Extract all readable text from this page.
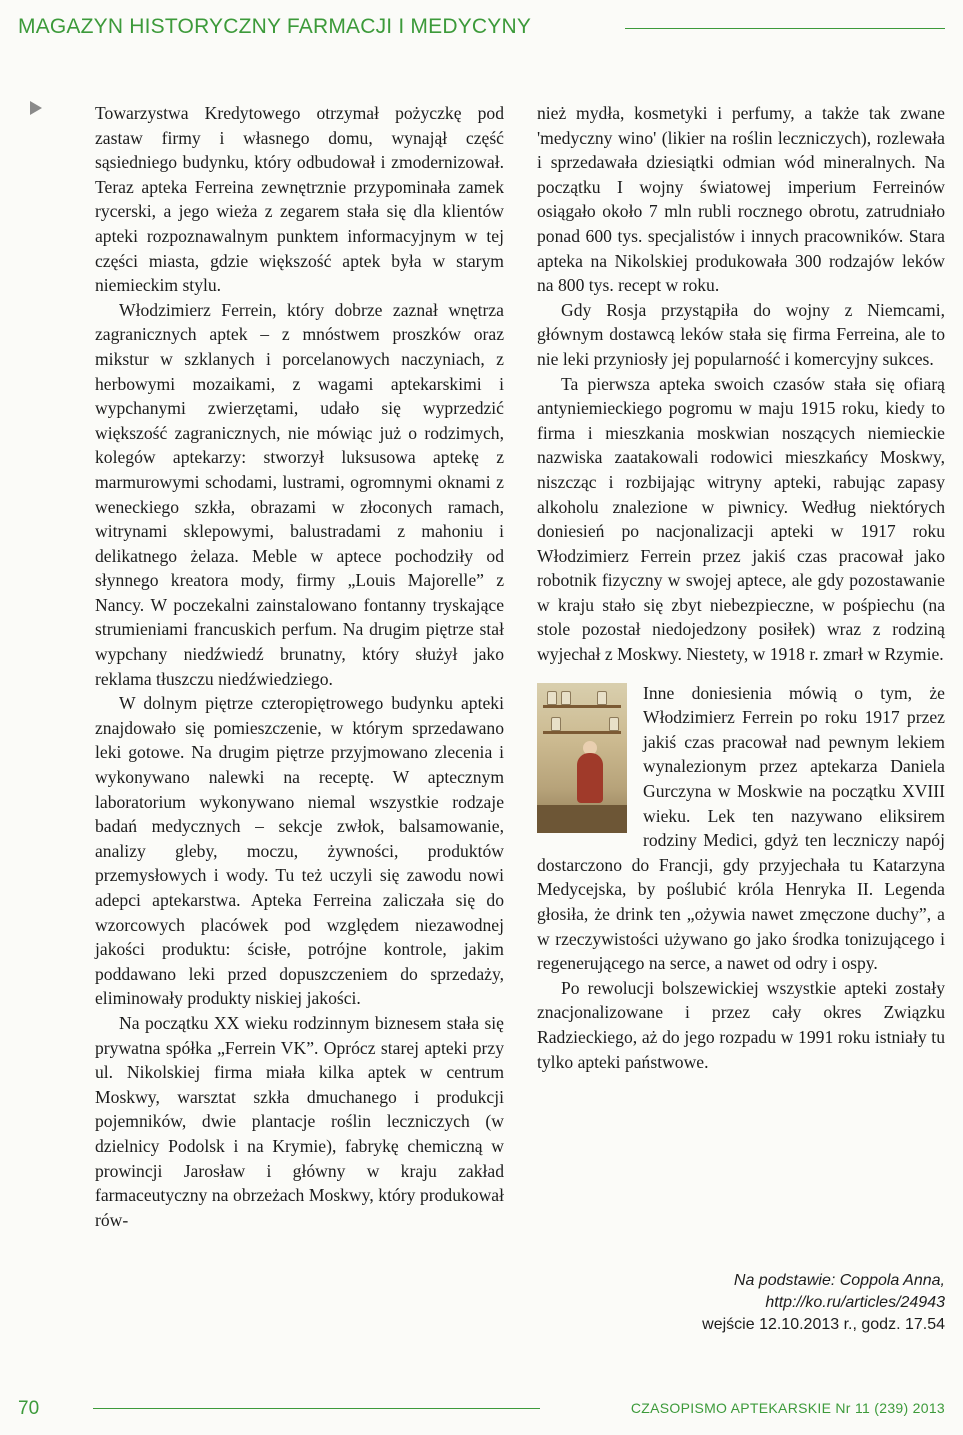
MAGAZYN HISTORYCZNY FARMACJI I MEDYCYNY

Towarzystwa Kredytowego otrzymał pożyczkę pod zastaw firmy i własnego domu, wynajął część sąsiedniego budynku, który odbudował i zmodernizował. Teraz apteka Ferreina zewnętrznie przypominała zamek rycerski, a jego wieża z zegarem stała się dla klientów apteki rozpoznawalnym punktem informacyjnym w tej części miasta, gdzie większość aptek była w starym niemieckim stylu.

Włodzimierz Ferrein, który dobrze zaznał wnętrza zagranicznych aptek – z mnóstwem proszków oraz mikstur w szklanych i porcelanowych naczyniach, z herbowymi mozaikami, z wagami aptekarskimi i wypchanymi zwierzętami, udało się wyprzedzić większość zagranicznych, nie mówiąc już o rodzimych, kolegów aptekarzy: stworzył luksusowa aptekę z marmurowymi schodami, lustrami, ogromnymi oknami z weneckiego szkła, obrazami w złoconych ramach, witrynami sklepowymi, balustradami z mahoniu i delikatnego żelaza. Meble w aptece pochodziły od słynnego kreatora mody, firmy „Louis Majorelle” z Nancy. W poczekalni zainstalowano fontanny tryskające strumieniami francuskich perfum. Na drugim piętrze stał wypchany niedźwiedź brunatny, który służył jako reklama tłuszczu niedźwiedziego.

W dolnym piętrze czteropiętrowego budynku apteki znajdowało się pomieszczenie, w którym sprzedawano leki gotowe. Na drugim piętrze przyjmowano zlecenia i wykonywano nalewki na receptę. W aptecznym laboratorium wykonywano niemal wszystkie rodzaje badań medycznych – sekcje zwłok, balsamowanie, analizy gleby, moczu, żywności, produktów przemysłowych i wody. Tu też uczyli się zawodu nowi adepci aptekarstwa. Apteka Ferreina zaliczała się do wzorcowych placówek pod względem niezawodnej jakości produktu: ścisłe, potrójne kontrole, jakim poddawano leki przed dopuszczeniem do sprzedaży, eliminowały produkty niskiej jakości.

Na początku XX wieku rodzinnym biznesem stała się prywatna spółka „Ferrein VK”. Oprócz starej apteki przy ul. Nikolskiej firma miała kilka aptek w centrum Moskwy, warsztat szkła dmuchanego i produkcji pojemników, dwie plantacje roślin leczniczych (w dzielnicy Podolsk i na Krymie), fabrykę chemiczną w prowincji Jarosław i główny w kraju zakład farmaceutyczny na obrzeżach Moskwy, który produkował rów-

nież mydła, kosmetyki i perfumy, a także tak zwane 'medyczny wino' (likier na roślin leczniczych), rozlewała i sprzedawała dziesiątki odmian wód mineralnych. Na początku I wojny światowej imperium Ferreinów osiągało około 7 mln rubli rocznego obrotu, zatrudniało ponad 600 tys. specjalistów i innych pracowników. Stara apteka na Nikolskiej produkowała 300 rodzajów leków na 800 tys. recept w roku.

Gdy Rosja przystąpiła do wojny z Niemcami, głównym dostawcą leków stała się firma Ferreina, ale to nie leki przyniosły jej popularność i komercyjny sukces.

Ta pierwsza apteka swoich czasów stała się ofiarą antyniemieckiego pogromu w maju 1915 roku, kiedy to firma i mieszkania moskwian noszących niemieckie nazwiska zaatakowali rodowici mieszkańcy Moskwy, niszcząc i rozbijając witryny apteki, rabując zapasy alkoholu znalezione w piwnicy. Według niektórych doniesień po nacjonalizacji apteki w 1917 roku Włodzimierz Ferrein przez jakiś czas pracował jako robotnik fizyczny w swojej aptece, ale gdy pozostawanie w kraju stało się zbyt niebezpieczne, w pośpiechu (na stole pozostał niedojedzony posiłek) wraz z rodziną wyjechał z Moskwy. Niestety, w 1918 r. zmarł w Rzymie.

Inne doniesienia mówią o tym, że Włodzimierz Ferrein po roku 1917 przez jakiś czas pracował nad pewnym lekiem wynalezionym przez aptekarza Daniela Gurczyna w Moskwie na początku XVIII wieku. Lek ten nazywano eliksirem rodziny Medici, gdyż ten leczniczy napój dostarczono do Francji, gdy przyjechała tu Katarzyna Medycejska, by poślubić króla Henryka II. Legenda głosiła, że drink ten „ożywia nawet zmęczone duchy”, a w rzeczywistości używano go jako środka tonizującego i regenerującego na serce, a nawet od odry i ospy.

Po rewolucji bolszewickiej wszystkie apteki zostały znacjonalizowane i przez cały okres Związku Radzieckiego, aż do jego rozpadu w 1991 roku istniały tu tylko apteki państwowe.

Na podstawie: Coppola Anna,
http://ko.ru/articles/24943
wejście 12.10.2013 r., godz. 17.54
70	CZASOPISMO APTEKARSKIE Nr 11 (239) 2013
